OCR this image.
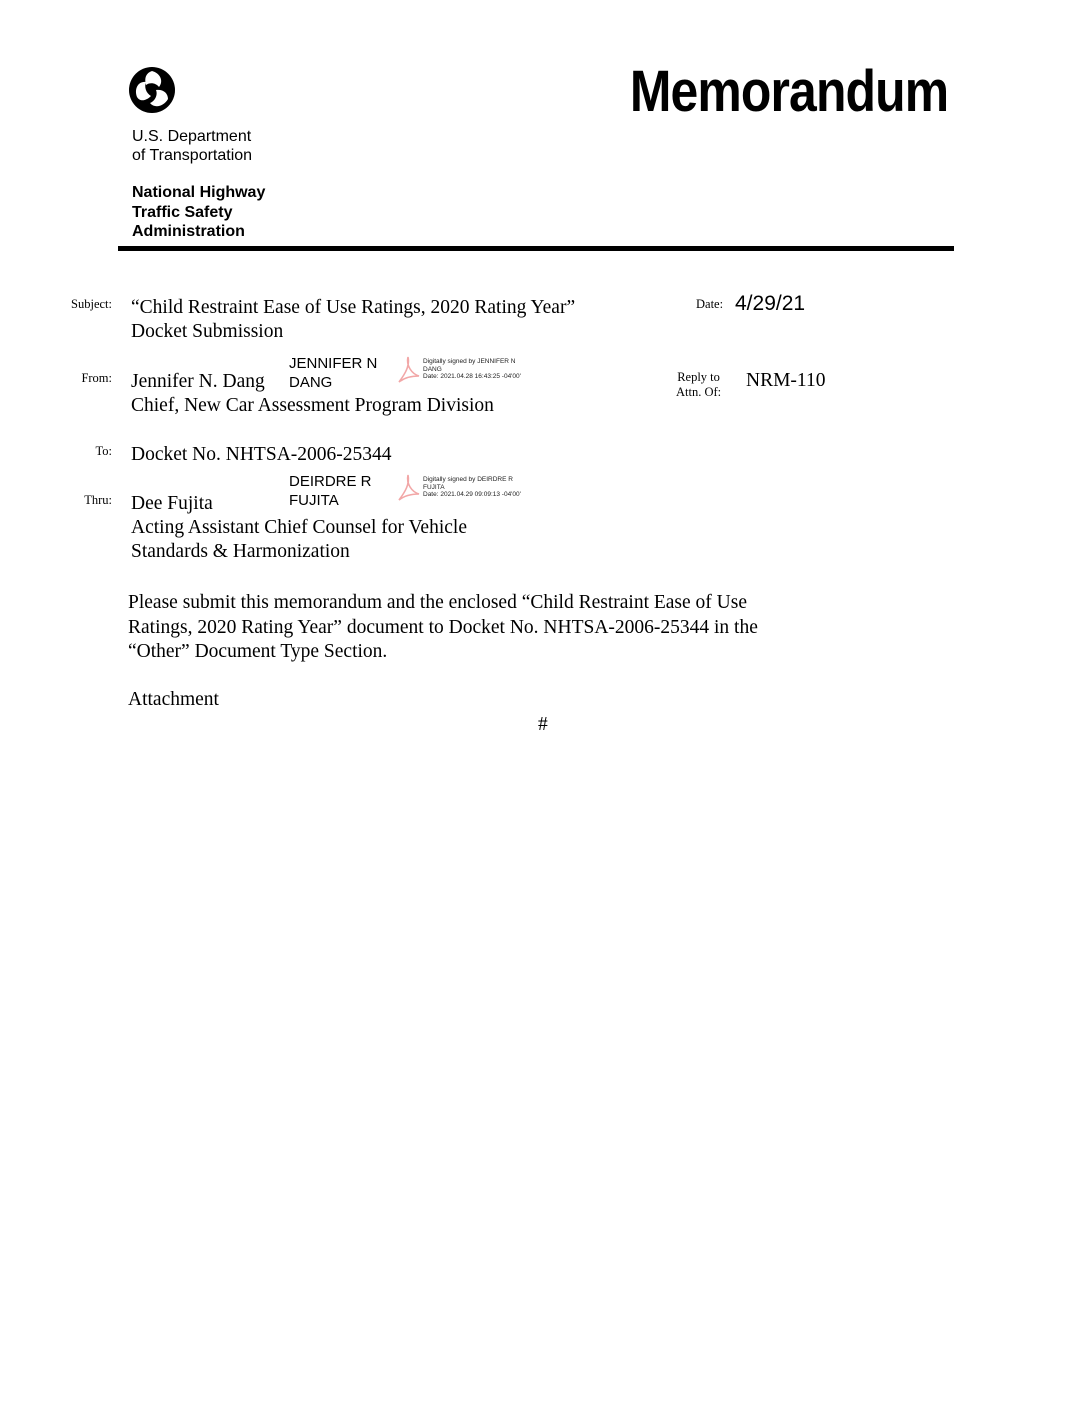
U.S. Department
of Transportation
National Highway
Traffic Safety
Administration
Memorandum
Subject: “Child Restraint Ease of Use Ratings, 2020 Rating Year”
Docket Submission
Date: 4/29/21
From: Jennifer N. Dang
Chief, New Car Assessment Program Division
JENNIFER N
DANG
Digitally signed by JENNIFER N
DANG
Date: 2021.04.28 16:43:25 -04'00'	Reply to
Attn. Of:
NRM-110
To: Docket No. NHTSA-2006-25344
Thru: Dee Fujita
Acting Assistant Chief Counsel for Vehicle
Standards & Harmonization
DEIRDRE R
FUJITA
Digitally signed by DEIRDRE R
FUJITA
Date: 2021.04.29 09:09:13 -04'00'
Please submit this memorandum and the enclosed “Child Restraint Ease of Use
Ratings, 2020 Rating Year” document to Docket No. NHTSA-2006-25344 in the
“Other” Document Type Section.
Attachment
#
